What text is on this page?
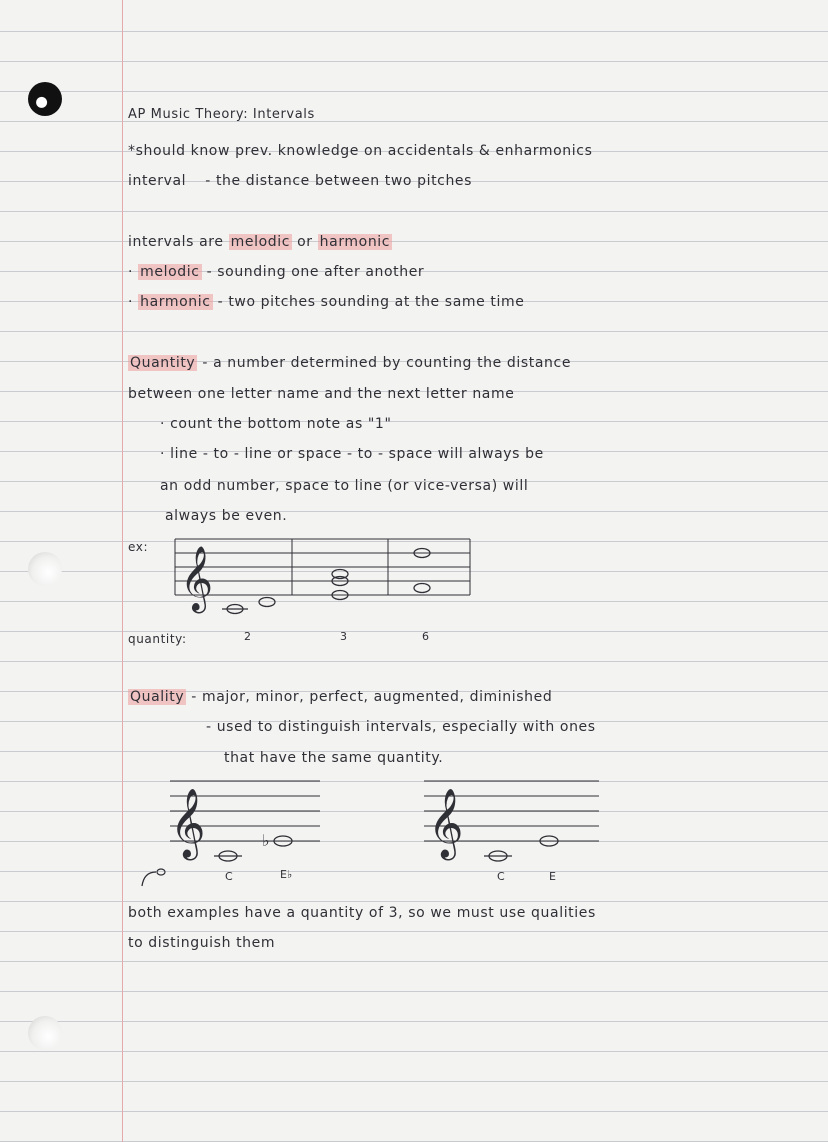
AP Music Theory: Intervals
*should know prev. knowledge on accidentals & enharmonics
interval - the distance between two pitches
intervals are melodic or harmonic
· melodic - sounding one after another
· harmonic - two pitches sounding at the same time
Quantity - a number determined by counting the distance
between one letter name and the next letter name
· count the bottom note as "1"
· line - to - line or space - to - space will always be
an odd number, space to line (or vice-versa) will
always be even.
ex: 𝄞
quantity:	2	3	6
Quality - major, minor, perfect, augmented, diminished
- used to distinguish intervals, especially with ones
that have the same quantity.
𝄞	♭
C	E♭
𝄞
C	E
both examples have a quantity of 3, so we must use qualities
to distinguish them
